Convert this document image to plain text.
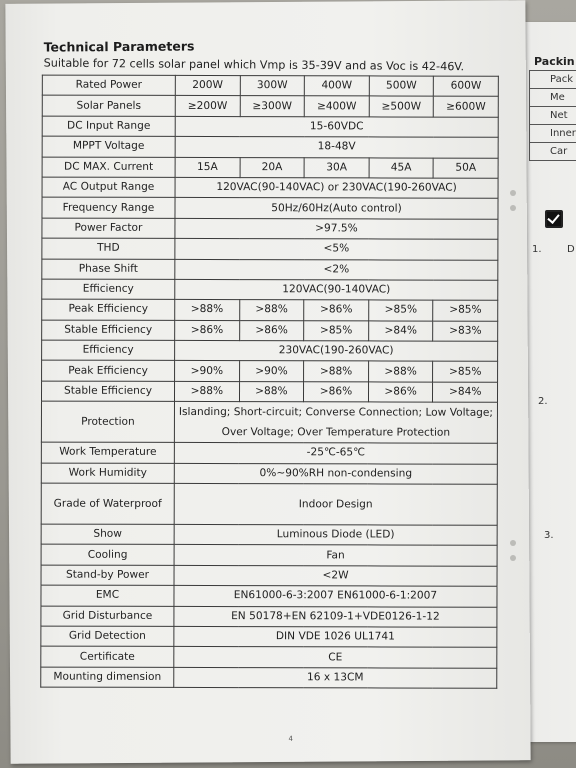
Packin
Pack
Me
Net
Inner
Car
1.	D
2.
3.
Technical Parameters
Suitable for 72 cells solar panel which Vmp is 35-39V and as Voc is 42-46V.
Rated Power	200W	300W	400W	500W	600W
Solar Panels	≥200W	≥300W	≥400W	≥500W	≥600W
DC Input Range	15-60VDC				
MPPT Voltage	18-48V				
DC MAX. Current	15A	20A	30A	45A	50A
AC Output Range	120VAC(90-140VAC) or 230VAC(190-260VAC)				
Frequency Range	50Hz/60Hz(Auto control)				
Power Factor	>97.5%				
THD	<5%				
Phase Shift	<2%				
Efficiency	120VAC(90-140VAC)				
Peak Efficiency	>88%	>88%	>86%	>85%	>85%
Stable Efficiency	>86%	>86%	>85%	>84%	>83%
Efficiency	230VAC(190-260VAC)				
Peak Efficiency	>90%	>90%	>88%	>88%	>85%
Stable Efficiency	>88%	>88%	>86%	>86%	>84%
Protection	Islanding; Short-circuit; Converse Connection; Low Voltage; Over Voltage; Over Temperature Protection				
Work Temperature	-25℃-65℃				
Work Humidity	0%~90%RH non-condensing				
Grade of Waterproof	Indoor Design				
Show	Luminous Diode (LED)				
Cooling	Fan				
Stand-by Power	<2W				
EMC	EN61000-6-3:2007 EN61000-6-1:2007				
Grid Disturbance	EN 50178+EN 62109-1+VDE0126-1-12				
Grid Detection	DIN VDE 1026 UL1741				
Certificate	CE				
Mounting dimension	16 x 13CM				
4
